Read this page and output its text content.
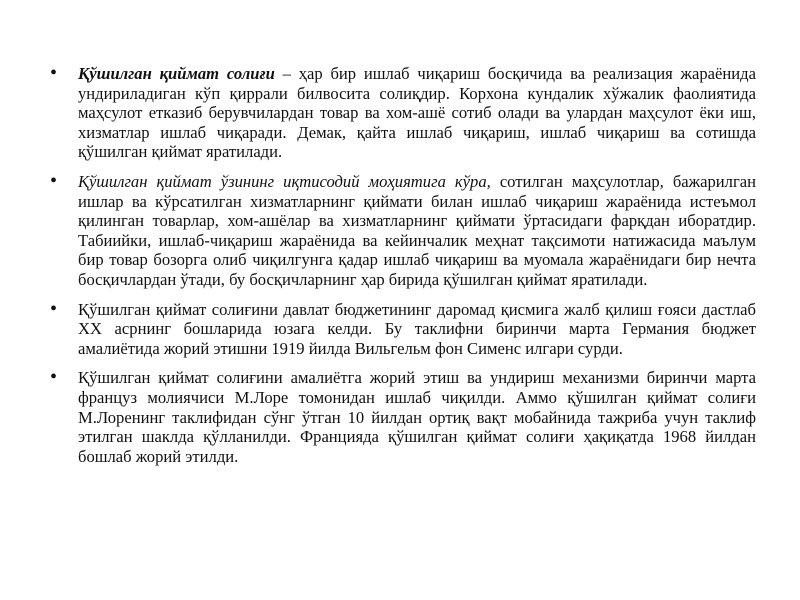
• Қўшилган қиймат солиғи – ҳар бир ишлаб чиқариш босқичида ва реализация жараёнида ундириладиган кўп қиррали билвосита солиқдир. Корхона кундалик хўжалик фаолиятида маҳсулот етказиб берувчилардан товар ва хом-ашё сотиб олади ва улардан маҳсулот ёки иш, хизматлар ишлаб чиқаради. Демак, қайта ишлаб чиқариш, ишлаб чиқариш ва сотишда қўшилган қиймат яратилади.
• Қўшилган қиймат ўзининг иқтисодий моҳиятига кўра, сотилган маҳсулотлар, бажарилган ишлар ва кўрсатилган хизматларнинг қиймати билан ишлаб чиқариш жараёнида истеъмол қилинган товарлар, хом-ашёлар ва хизматларнинг қиймати ўртасидаги фарқдан иборатдир. Табиийки, ишлаб-чиқариш жараёнида ва кейинчалик меҳнат тақсимоти натижасида маълум бир товар бозорга олиб чиқилгунга қадар ишлаб чиқариш ва муомала жараёнидаги бир нечта босқичлардан ўтади, бу босқичларнинг ҳар бирида қўшилган қиймат яратилади.
• Қўшилган қиймат солиғини давлат бюджетининг даромад қисмига жалб қилиш ғояси дастлаб XX асрнинг бошларида юзага келди. Бу таклифни биринчи марта Германия бюджет амалиётида жорий этишни 1919 йилда Вильгельм фон Сименс илгари сурди.
• Қўшилган қиймат солиғини амалиётга жорий этиш ва ундириш механизми биринчи марта француз молиячиси М.Лоре томонидан ишлаб чиқилди. Аммо қўшилган қиймат солиғи М.Лоренинг таклифидан сўнг ўтган 10 йилдан ортиқ вақт мобайнида тажриба учун таклиф этилган шаклда қўлланилди. Францияда қўшилган қиймат солиғи ҳақиқатда 1968 йилдан бошлаб жорий этилди.
